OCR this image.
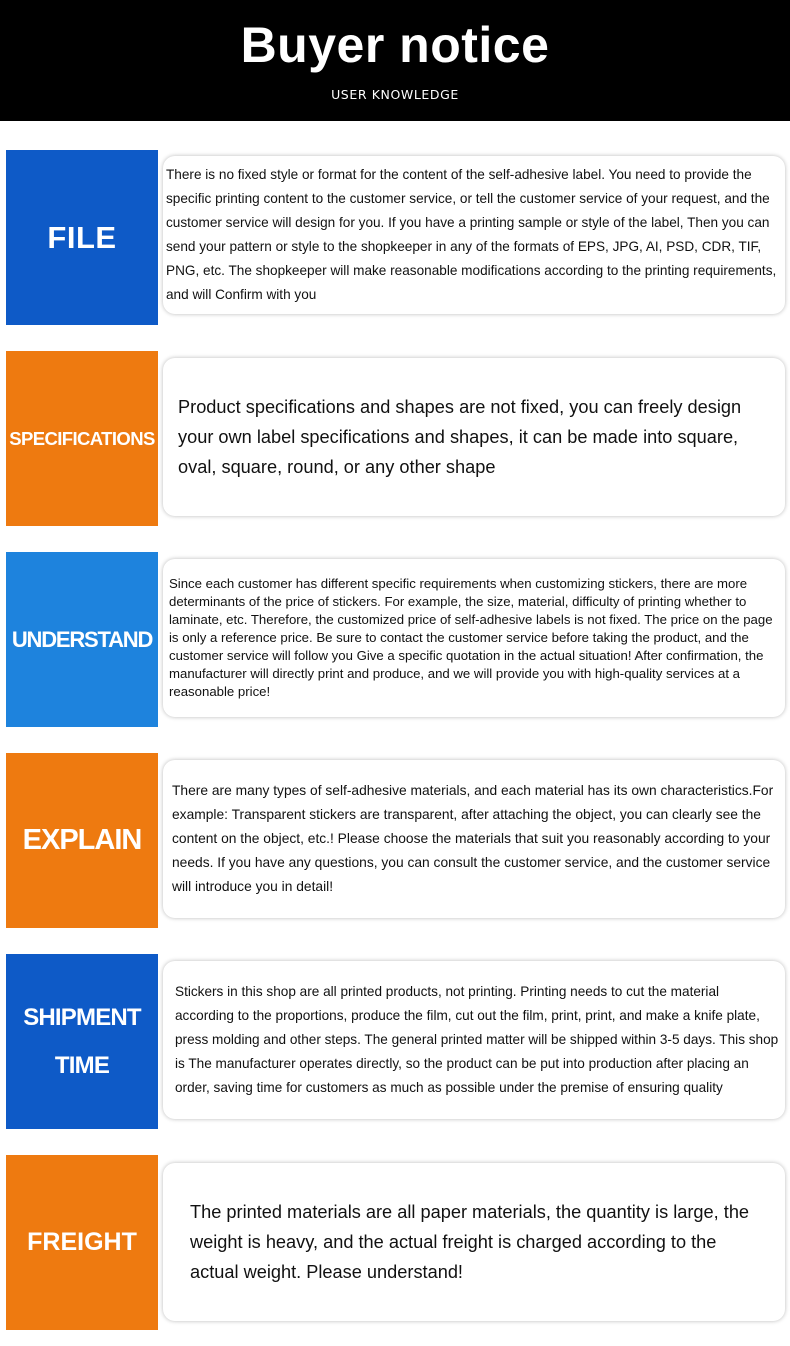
Buyer notice
USER KNOWLEDGE
FILE

There is no fixed style or format for the content of the self-adhesive label. You need to provide the specific printing content to the customer service, or tell the customer service of your request, and the customer service will design for you. If you have a printing sample or style of the label, Then you can send your pattern or style to the shopkeeper in any of the formats of EPS, JPG, AI, PSD, CDR, TIF, PNG, etc. The shopkeeper will make reasonable modifications according to the printing requirements, and will Confirm with you

SPECIFICATIONS

Product specifications and shapes are not fixed, you can freely design your own label specifications and shapes, it can be made into square, oval, square, round, or any other shape

UNDERSTAND

Since each customer has different specific requirements when customizing stickers, there are more determinants of the price of stickers. For example, the size, material, difficulty of printing whether to laminate, etc. Therefore, the customized price of self-adhesive labels is not fixed. The price on the page is only a reference price. Be sure to contact the customer service before taking the product, and the customer service will follow you Give a specific quotation in the actual situation! After confirmation, the manufacturer will directly print and produce, and we will provide you with high-quality services at a reasonable price!

EXPLAIN

There are many types of self-adhesive materials, and each material has its own characteristics.For example: Transparent stickers are transparent, after attaching the object, you can clearly see the content on the object, etc.! Please choose the materials that suit you reasonably according to your needs. If you have any questions, you can consult the customer service, and the customer service will introduce you in detail!

SHIPMENT
TIME

Stickers in this shop are all printed products, not printing. Printing needs to cut the material according to the proportions, produce the film, cut out the film, print, print, and make a knife plate, press molding and other steps. The general printed matter will be shipped within 3-5 days. This shop is The manufacturer operates directly, so the product can be put into production after placing an order, saving time for customers as much as possible under the premise of ensuring quality

FREIGHT

The printed materials are all paper materials, the quantity is large, the weight is heavy, and the actual freight is charged according to the actual weight. Please understand!
